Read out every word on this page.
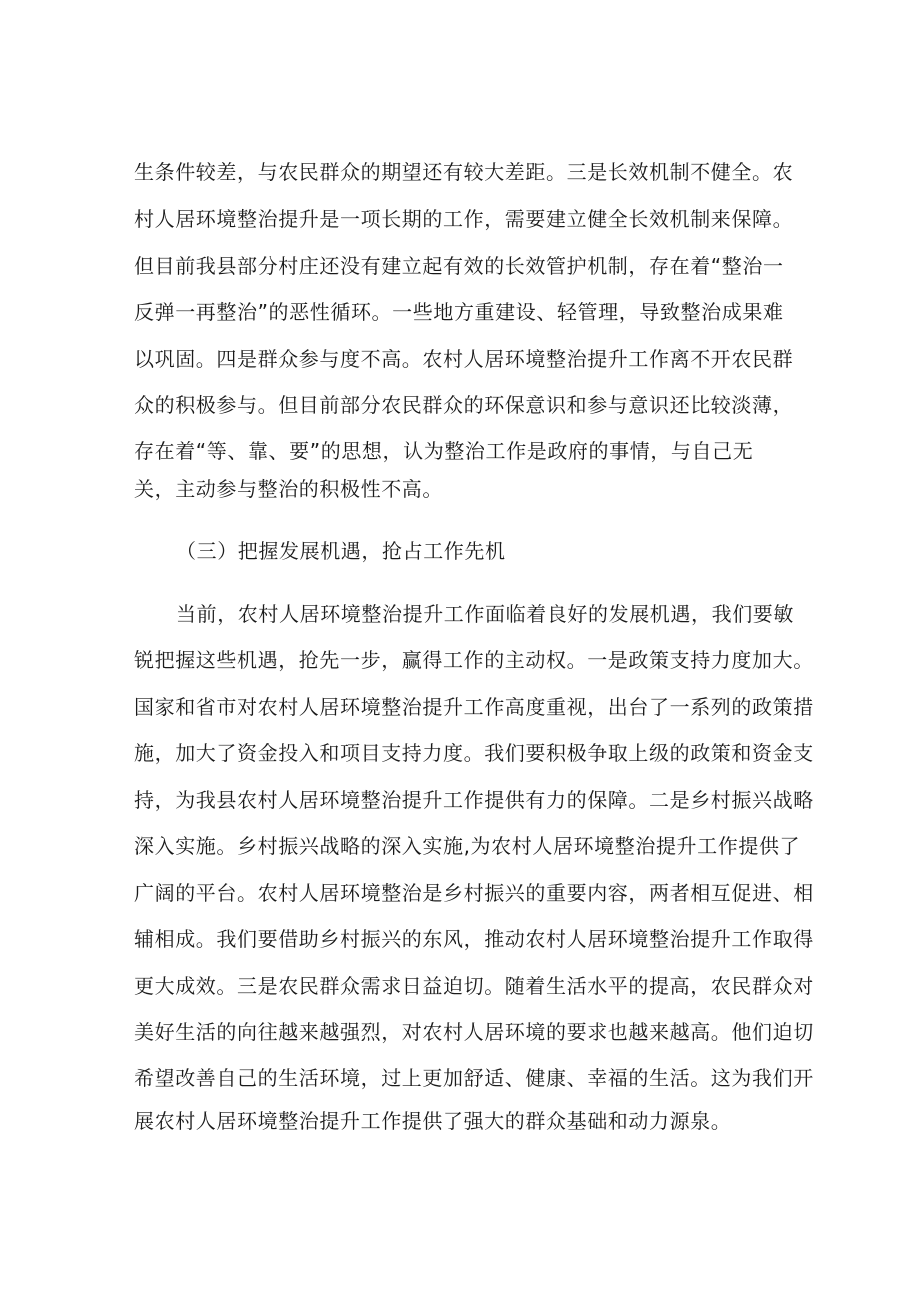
生条件较差，与农民群众的期望还有较大差距。三是长效机制不健全。农
村人居环境整治提升是一项长期的工作，需要建立健全长效机制来保障。
但目前我县部分村庄还没有建立起有效的长效管护机制，存在着“整治一
反弹一再整治”的恶性循环。一些地方重建设、轻管理，导致整治成果难
以巩固。四是群众参与度不高。农村人居环境整治提升工作离不开农民群
众的积极参与。但目前部分农民群众的环保意识和参与意识还比较淡薄，
存在着“等、靠、要”的思想，认为整治工作是政府的事情，与自己无
关，主动参与整治的积极性不高。
（三）把握发展机遇，抢占工作先机
当前，农村人居环境整治提升工作面临着良好的发展机遇，我们要敏
锐把握这些机遇，抢先一步，赢得工作的主动权。一是政策支持力度加大。
国家和省市对农村人居环境整治提升工作高度重视，出台了一系列的政策措
施，加大了资金投入和项目支持力度。我们要积极争取上级的政策和资金支
持，为我县农村人居环境整治提升工作提供有力的保障。二是乡村振兴战略
深入实施。乡村振兴战略的深入实施,为农村人居环境整治提升工作提供了
广阔的平台。农村人居环境整治是乡村振兴的重要内容，两者相互促进、相
辅相成。我们要借助乡村振兴的东风，推动农村人居环境整治提升工作取得
更大成效。三是农民群众需求日益迫切。随着生活水平的提高，农民群众对
美好生活的向往越来越强烈，对农村人居环境的要求也越来越高。他们迫切
希望改善自己的生活环境，过上更加舒适、健康、幸福的生活。这为我们开
展农村人居环境整治提升工作提供了强大的群众基础和动力源泉。
